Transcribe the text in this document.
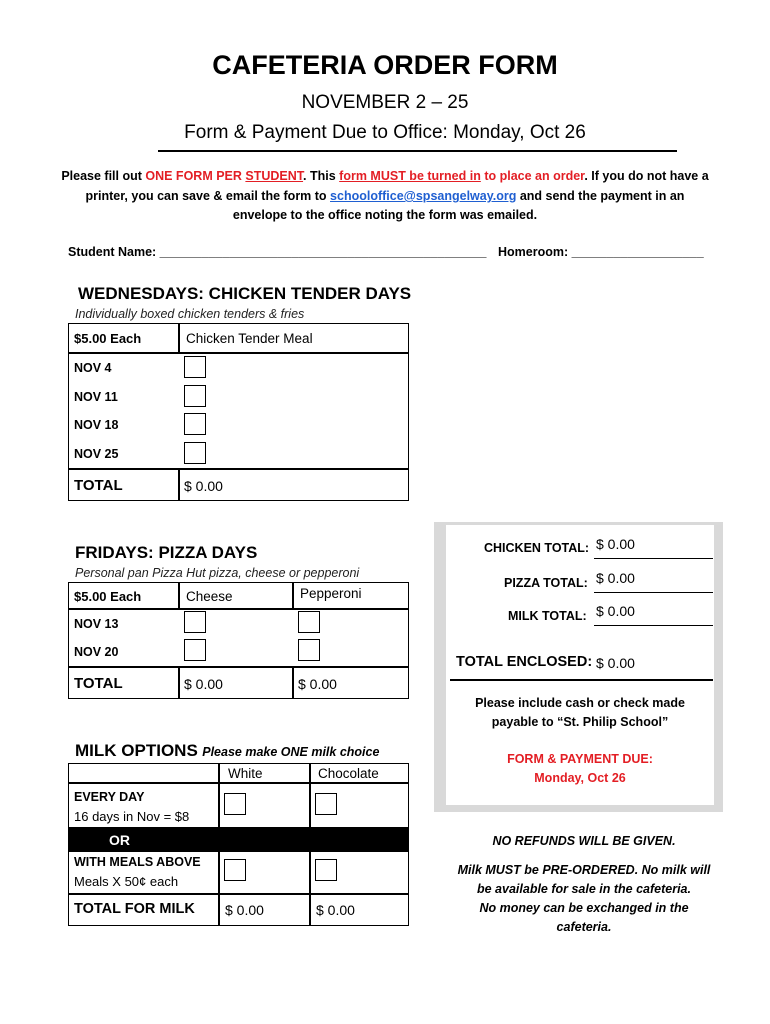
CAFETERIA ORDER FORM
NOVEMBER 2 – 25
Form & Payment Due to Office: Monday, Oct 26
Please fill out ONE FORM PER STUDENT. This form MUST be turned in to place an order. If you do not have a
printer, you can save & email the form to schooloffice@spsangelway.org and send the payment in an
envelope to the office noting the form was emailed.
Student Name: _______________________________________________ Homeroom: ___________________
WEDNESDAYS: CHICKEN TENDER DAYS
Individually boxed chicken tenders & fries
$5.00 Each	Chicken Tender Meal
NOV 4
NOV 11
NOV 18
NOV 25
TOTAL	$ 0.00
FRIDAYS: PIZZA DAYS
Personal pan Pizza Hut pizza, cheese or pepperoni
$5.00 Each	Cheese	Pepperoni
NOV 13
NOV 20
TOTAL	$ 0.00	$ 0.00
MILK OPTIONS Please make ONE milk choice
White	Chocolate
EVERY DAY
16 days in Nov = $8
OR
WITH MEALS ABOVE
Meals X 50¢ each
TOTAL FOR MILK $ 0.00	$ 0.00
CHICKEN TOTAL: $ 0.00
PIZZA TOTAL: $ 0.00
MILK TOTAL: $ 0.00
TOTAL ENCLOSED: $ 0.00
Please include cash or check made
payable to “St. Philip School”
FORM & PAYMENT DUE:
Monday, Oct 26
NO REFUNDS WILL BE GIVEN.
Milk MUST be PRE-ORDERED. No milk will
be available for sale in the cafeteria.
No money can be exchanged in the
cafeteria.
